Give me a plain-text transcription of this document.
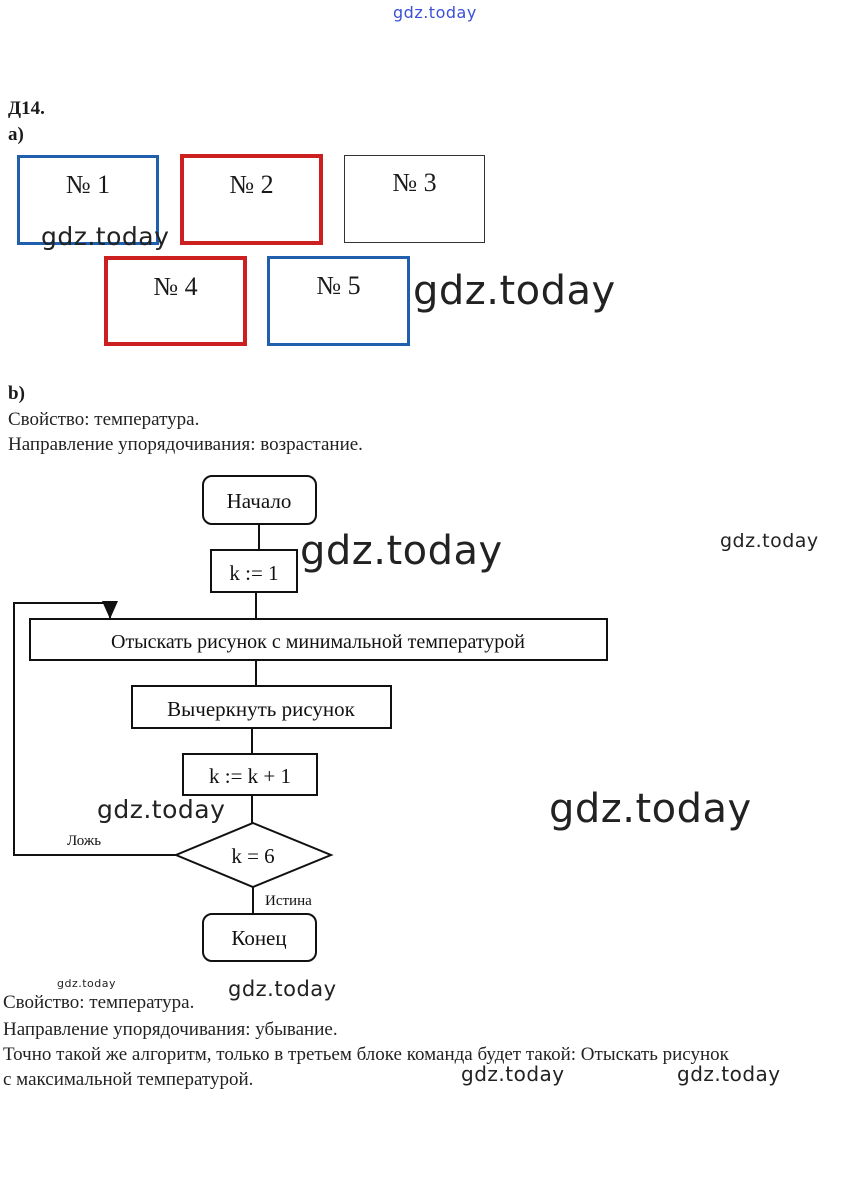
gdz.today
Д14.
а)
№ 1	№ 2	№ 3
№ 4	№ 5
gdz.today
gdz.today
b)
Свойство: температура.
Направление упорядочивания: возрастание.
Начало
k := 1
Отыскать рисунок с минимальной температурой
Вычеркнуть рисунок
k := k + 1
k = 6
Ложь
Истина
Конец
gdz.today	gdz.today
gdz.today	gdz.today
gdz.today	gdz.today
Свойство: температура.
Направление упорядочивания: убывание.
Точно такой же алгоритм, только в третьем блоке команда будет такой: Отыскать рисунок
с максимальной температурой.	gdz.today	gdz.today
